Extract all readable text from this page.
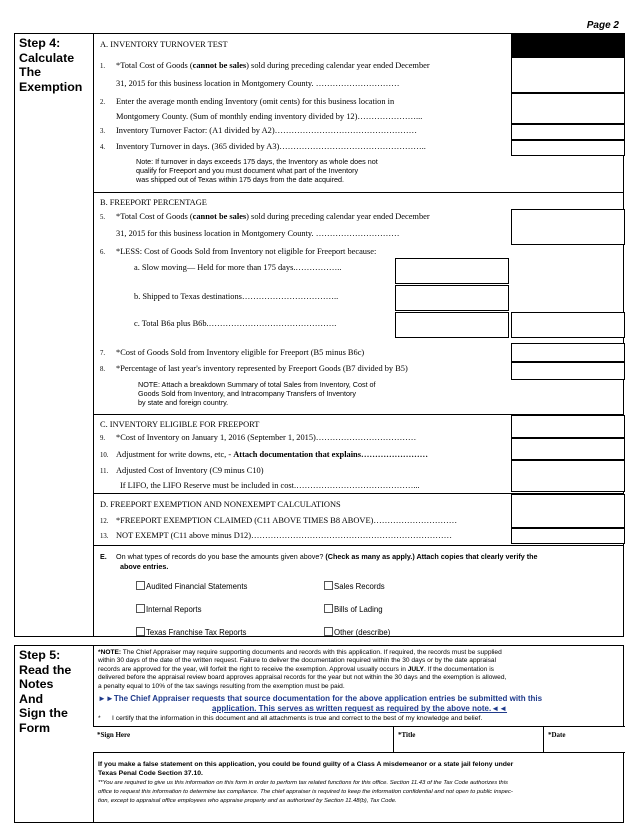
Page 2
Step 4:
Calculate
The
Exemption
A. INVENTORY TURNOVER TEST
1. *Total Cost of Goods (cannot be sales) sold during preceding calendar year ended December
31, 2015 for this business location in Montgomery County. …………………………
2. Enter the average month ending Inventory (omit cents) for this business location in
Montgomery County. (Sum of monthly ending inventory divided by 12)…………………...
3. Inventory Turnover Factor: (A1 divided by A2)……………………………………………
4. Inventory Turnover in days. (365 divided by A3)……………………………………………..
Note: If turnover in days exceeds 175 days, the Inventory as whole does not
qualify for Freeport and you must document what part of the Inventory
was shipped out of Texas within 175 days from the date acquired.
B. FREEPORT PERCENTAGE
5. *Total Cost of Goods (cannot be sales) sold during preceding calendar year ended December
31, 2015 for this business location in Montgomery County. …………………………
6. *LESS: Cost of Goods Sold from Inventory not eligible for Freeport because:
a. Slow moving— Held for more than 175 days.……………..
b. Shipped to Texas destinations……………………………..
c. Total B6a plus B6b.……………………………………….
7. *Cost of Goods Sold from Inventory eligible for Freeport (B5 minus B6c)
8. *Percentage of last year's inventory represented by Freeport Goods (B7 divided by B5)
NOTE: Attach a breakdown Summary of total Sales from Inventory, Cost of
Goods Sold from Inventory, and Intracompany Transfers of Inventory
by state and foreign country.
C. INVENTORY ELIGIBLE FOR FREEPORT
9. *Cost of Inventory on January 1, 2016 (September 1, 2015)………………………………
10. Adjustment for write downs, etc, - Attach documentation that explains……………………
11. Adjusted Cost of Inventory (C9 minus C10)
If LIFO, the LIFO Reserve must be included in cost.……………………………………...
D. FREEPORT EXEMPTION AND NONEXEMPT CALCULATIONS
12. *FREEPORT EXEMPTION CLAIMED (C11 ABOVE TIMES B8 ABOVE)…………………………
13. NOT EXEMPT (C11 above minus D12)………………………………………………………………
E. On what types of records do you base the amounts given above? (Check as many as apply.) Attach copies that clearly verify the
above entries.
Audited Financial Statements	Sales Records
Internal Reports	Bills of Lading
Texas Franchise Tax Reports	Other (describe) ___________________________________
Step 5:
Read the
Notes
And
Sign the
Form
*NOTE: The Chief Appraiser may require supporting documents and records with this application. If required, the records must be supplied
within 30 days of the date of the written request. Failure to deliver the documentation required within the 30 days or by the date appraisal
records are approved for the year, will forfeit the right to receive the exemption. Approval usually occurs in JULY. If the documentation is
delivered before the appraisal review board approves appraisal records for the year but not within the 30 days and the exemption is allowed,
a penalty equal to 10% of the tax savings resulting from the exemption must be paid.
►►The Chief Appraiser requests that source documentation for the above application entries be submitted with this
application. This serves as written request as required by the above note.◄◄
* I certify that the information in this document and all attachments is true and correct to the best of my knowledge and belief.
*Sign Here	*Title	*Date
If you make a false statement on this application, you could be found guilty of a Class A misdemeanor or a state jail felony under
Texas Penal Code Section 37.10.
**You are required to give us this information on this form in order to perform tax related functions for this office. Section 11.43 of the Tax Code authorizes this
office to request this information to determine tax compliance. The chief appraiser is required to keep the information confidential and not open to public inspec-
tion, except to appraisal office employees who appraise property and as authorized by Section 11.48(b), Tax Code.
